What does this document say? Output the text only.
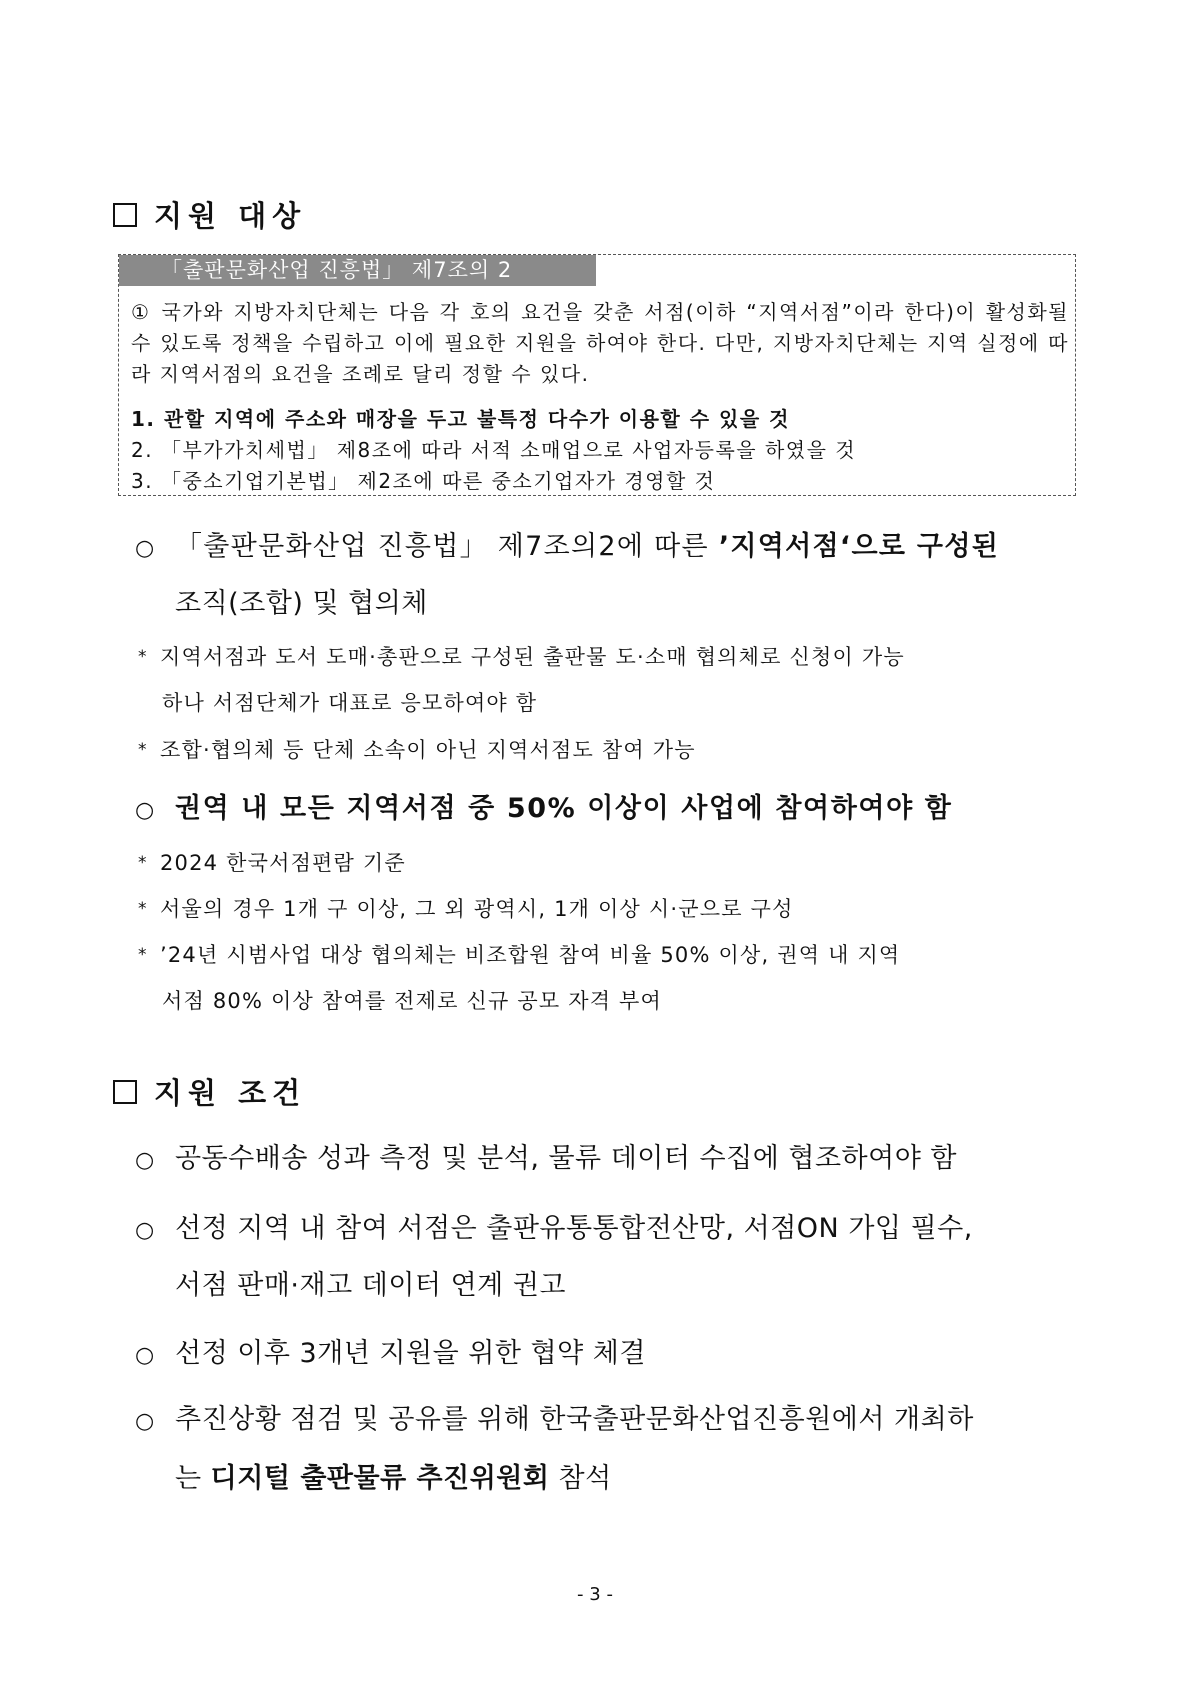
지원 대상
「출판문화산업 진흥법」 제7조의 2
① 국가와 지방자치단체는 다음 각 호의 요건을 갖춘 서점(이하 “지역서점”이라 한다)이 활성화될 수 있도록 정책을 수립하고 이에 필요한 지원을 하여야 한다. 다만, 지방자치단체는 지역 실정에 따라 지역서점의 요건을 조례로 달리 정할 수 있다.
1. 관할 지역에 주소와 매장을 두고 불특정 다수가 이용할 수 있을 것
2. 「부가가치세법」 제8조에 따라 서적 소매업으로 사업자등록을 하였을 것
3. 「중소기업기본법」 제2조에 따른 중소기업자가 경영할 것
○ 「출판문화산업 진흥법」 제7조의2에 따른 ’지역서점‘으로 구성된
조직(조합) 및 협의체
* 지역서점과 도서 도매·총판으로 구성된 출판물 도·소매 협의체로 신청이 가능
하나 서점단체가 대표로 응모하여야 함
* 조합·협의체 등 단체 소속이 아닌 지역서점도 참여 가능
○ 권역 내 모든 지역서점 중 50% 이상이 사업에 참여하여야 함
* 2024 한국서점편람 기준
* 서울의 경우 1개 구 이상, 그 외 광역시, 1개 이상 시·군으로 구성
* ’24년 시범사업 대상 협의체는 비조합원 참여 비율 50% 이상, 권역 내 지역
서점 80% 이상 참여를 전제로 신규 공모 자격 부여
지원 조건
○ 공동수배송 성과 측정 및 분석, 물류 데이터 수집에 협조하여야 함
○ 선정 지역 내 참여 서점은 출판유통통합전산망, 서점ON 가입 필수,
서점 판매·재고 데이터 연계 권고
○ 선정 이후 3개년 지원을 위한 협약 체결
○ 추진상황 점검 및 공유를 위해 한국출판문화산업진흥원에서 개최하
는 디지털 출판물류 추진위원회 참석
- 3 -
